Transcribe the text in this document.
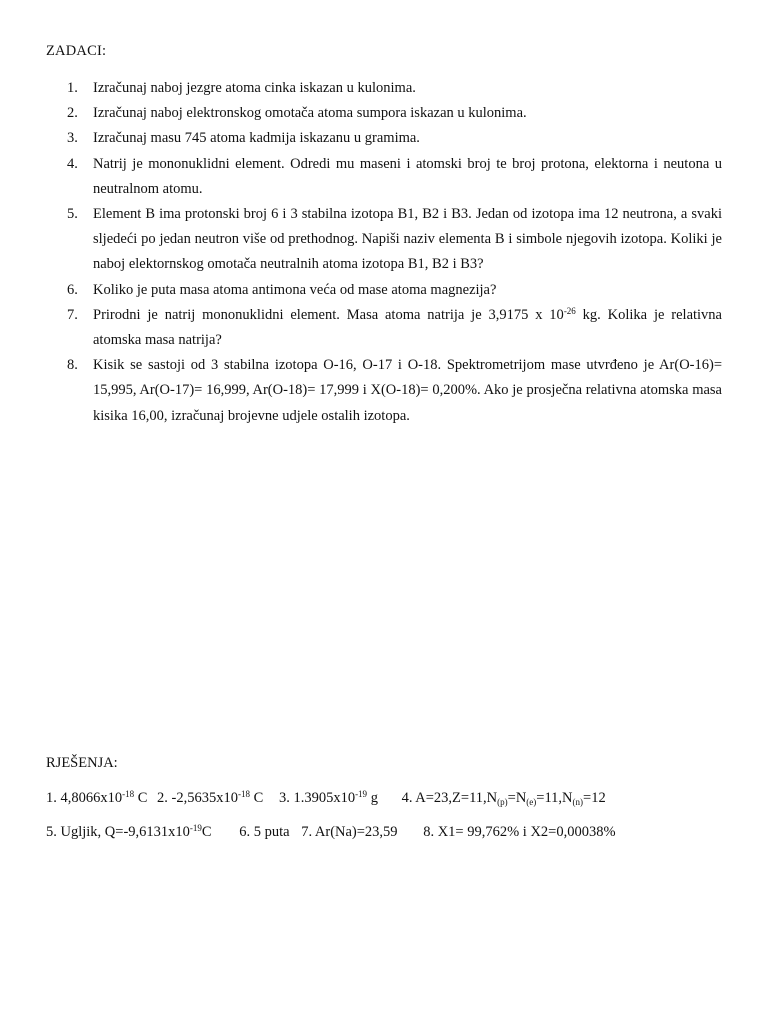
ZADACI:
1. Izračunaj naboj jezgre atoma cinka iskazan u kulonima.
2. Izračunaj naboj elektronskog omotača atoma sumpora iskazan u kulonima.
3. Izračunaj masu 745 atoma kadmija iskazanu u gramima.
4. Natrij je mononuklidni element. Odredi mu maseni i atomski broj te broj protona, elektorna i neutona u neutralnom atomu.
5. Element B ima protonski broj 6 i 3 stabilna izotopa B1, B2 i B3. Jedan od izotopa ima 12 neutrona, a svaki sljedeći po jedan neutron više od prethodnog. Napiši naziv elementa B i simbole njegovih izotopa. Koliki je naboj elektornskog omotača neutralnih atoma izotopa B1, B2 i B3?
6. Koliko je puta masa atoma antimona veća od mase atoma magnezija?
7. Prirodni je natrij mononuklidni element. Masa atoma natrija je 3,9175 x $10^{-26}$ kg. Kolika je relativna atomska masa natrija?
8. Kisik se sastoji od 3 stabilna izotopa O-16, O-17 i O-18. Spektrometrijom mase utvrđeno je Ar(O-16)= 15,995, Ar(O-17)= 16,999, Ar(O-18)= 17,999 i X(O-18)= 0,200%. Ako je prosječna relativna atomska masa kisika 16,00, izračunaj brojevne udjele ostalih izotopa.
RJEŠENJA:
1. $4,8066x10^{-18}$ C 2. $-2,5635x10^{-18}$ C 3. $1.3905x10^{-19}$ g 4. $A=23,Z=11,N_{(p)}=N_{(e)}=11,N_{(n)}=12$
5. Ugljik, $Q=-9,6131x10^{-19}C$ 6. 5 puta 7. Ar(Na)=23,59 8. X1= 99,762% i X2=0,00038%
